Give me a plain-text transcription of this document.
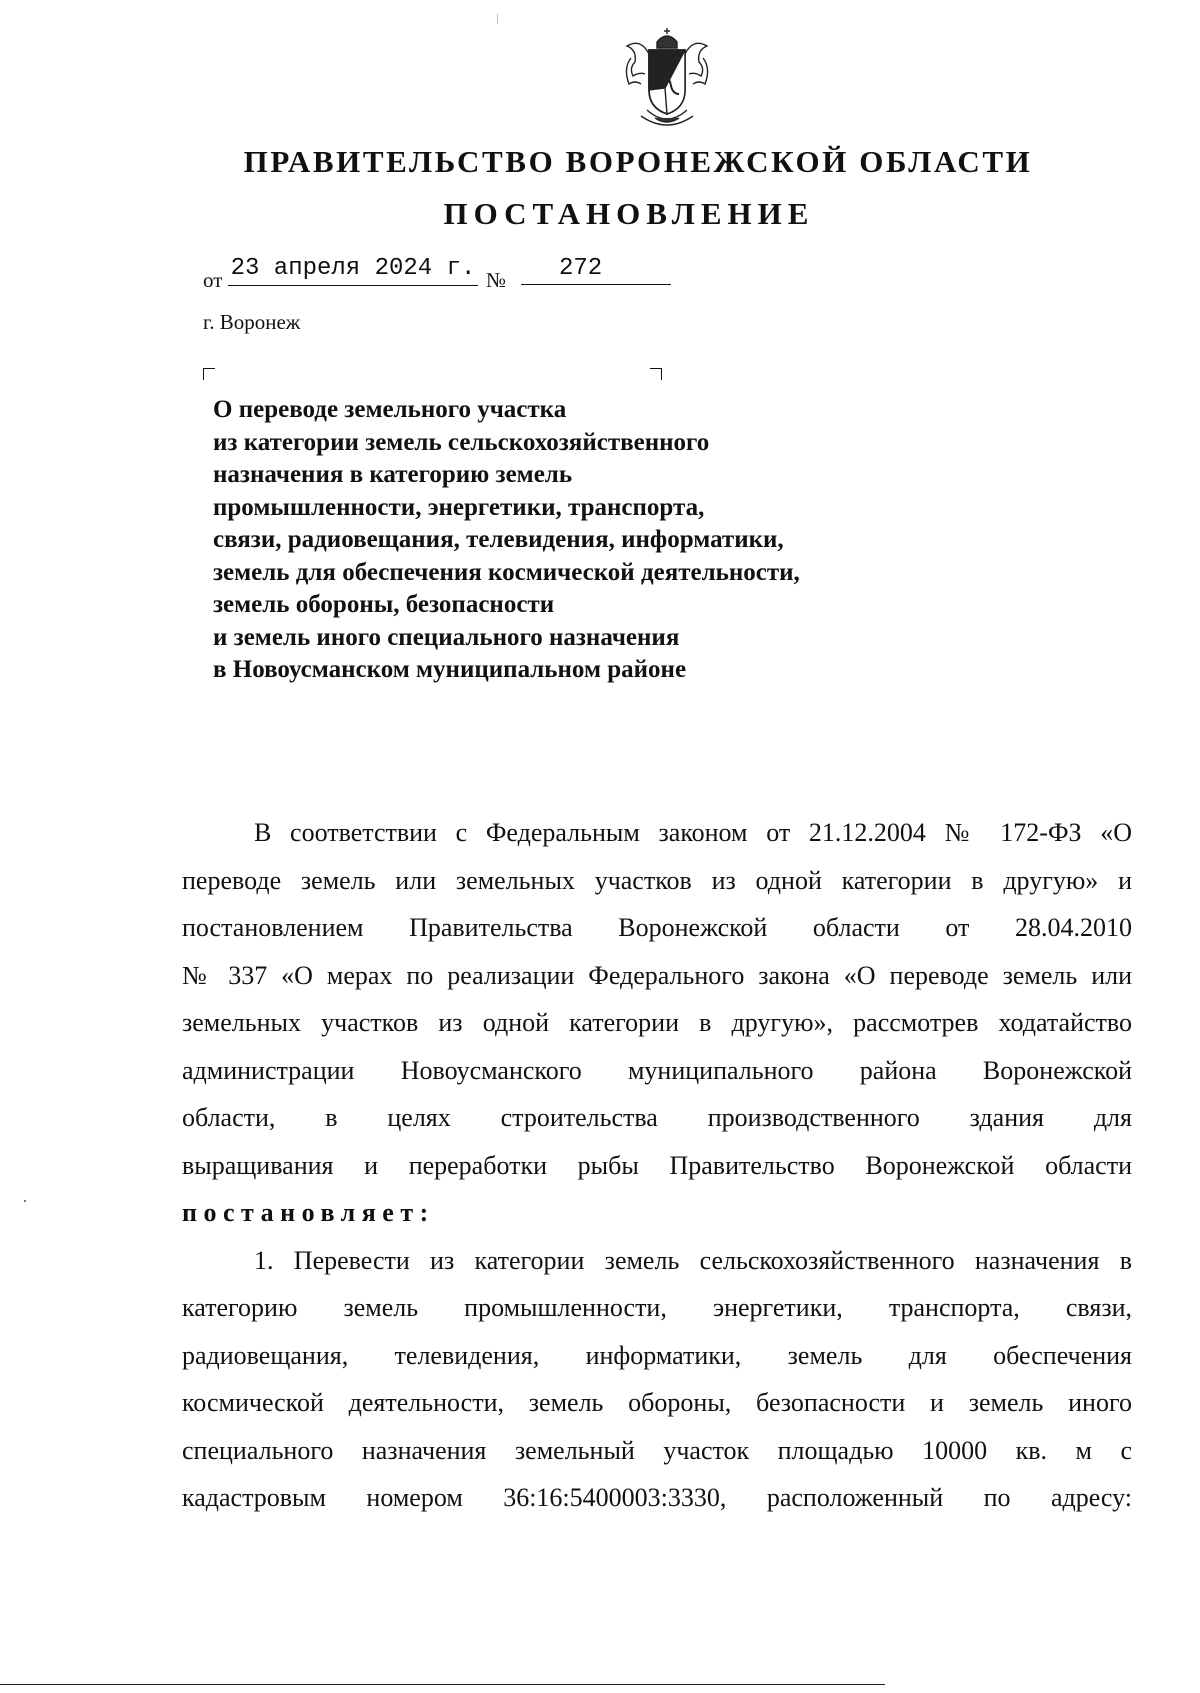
ПРАВИТЕЛЬСТВО ВОРОНЕЖСКОЙ ОБЛАСТИ
ПОСТАНОВЛЕНИЕ
от 23 апреля 2024 г. №	272
г. Воронеж
О переводе земельного участка
из категории земель сельскохозяйственного
назначения в категорию земель
промышленности, энергетики, транспорта,
связи, радиовещания, телевидения, информатики,
земель для обеспечения космической деятельности,
земель обороны, безопасности
и земель иного специального назначения
в Новоусманском муниципальном районе
В соответствии с Федеральным законом от 21.12.2004 № 172-ФЗ «О
переводе земель или земельных участков из одной категории в другую» и
постановлением Правительства Воронежской области от 28.04.2010
№ 337 «О мерах по реализации Федерального закона «О переводе земель или
земельных участков из одной категории в другую», рассмотрев ходатайство
администрации Новоусманского муниципального района Воронежской
области, в целях строительства производственного здания для
выращивания и переработки рыбы Правительство Воронежской области
постановляет:
1. Перевести из категории земель сельскохозяйственного назначения в
категорию земель промышленности, энергетики, транспорта, связи,
радиовещания, телевидения, информатики, земель для обеспечения
космической деятельности, земель обороны, безопасности и земель иного
специального назначения земельный участок площадью 10000 кв. м с
кадастровым номером 36:16:5400003:3330, расположенный по адресу:
